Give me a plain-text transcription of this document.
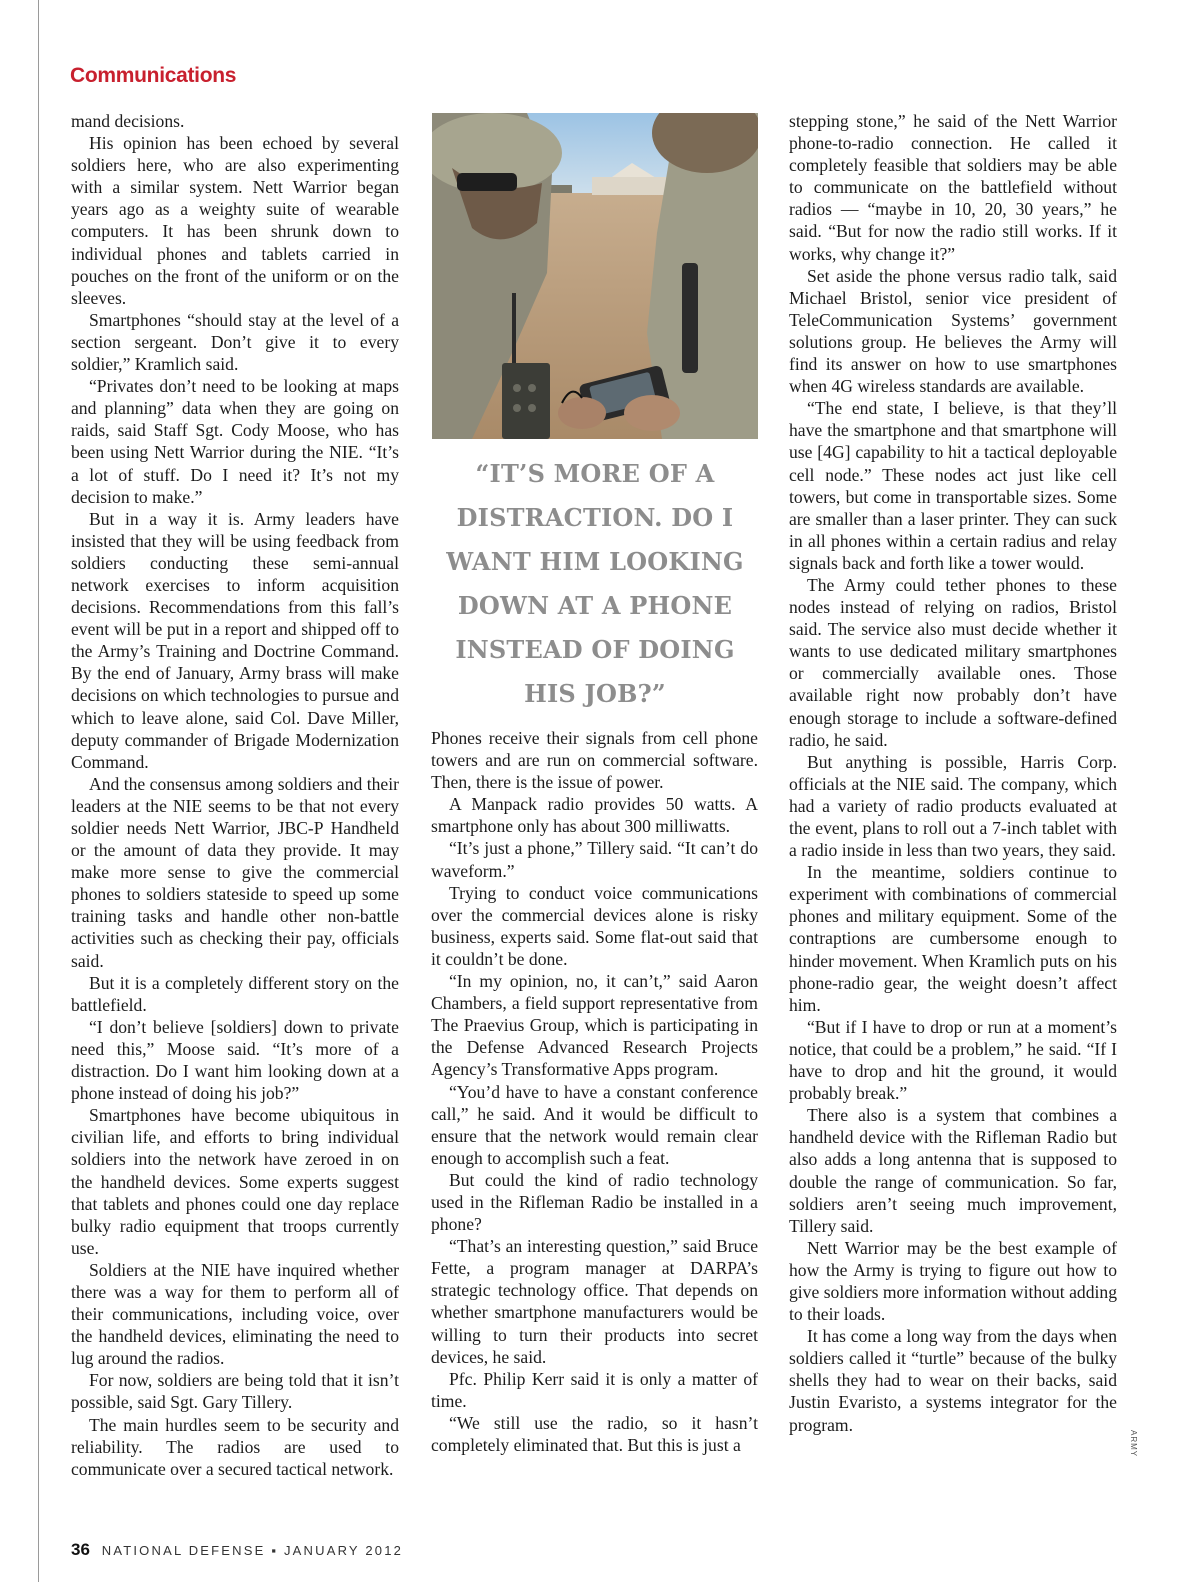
Communications

mand decisions.

His opinion has been echoed by several soldiers here, who are also experimenting with a similar system. Nett Warrior began years ago as a weighty suite of wearable computers. It has been shrunk down to individual phones and tablets carried in pouches on the front of the uniform or on the sleeves.

Smartphones “should stay at the level of a section sergeant. Don’t give it to every soldier,” Kramlich said.

“Privates don’t need to be looking at maps and planning” data when they are going on raids, said Staff Sgt. Cody Moose, who has been using Nett Warrior during the NIE. “It’s a lot of stuff. Do I need it? It’s not my decision to make.”

But in a way it is. Army leaders have insisted that they will be using feedback from soldiers conducting these semi-annual network exercises to inform acquisition decisions. Recommendations from this fall’s event will be put in a report and shipped off to the Army’s Training and Doctrine Command. By the end of January, Army brass will make decisions on which technologies to pursue and which to leave alone, said Col. Dave Miller, deputy commander of Brigade Modernization Command.

And the consensus among soldiers and their leaders at the NIE seems to be that not every soldier needs Nett Warrior, JBC-P Handheld or the amount of data they provide. It may make more sense to give the commercial phones to soldiers stateside to speed up some training tasks and handle other non-battle activities such as checking their pay, officials said.

But it is a completely different story on the battlefield.

“I don’t believe [soldiers] down to private need this,” Moose said. “It’s more of a distraction. Do I want him looking down at a phone instead of doing his job?”

Smartphones have become ubiquitous in civilian life, and efforts to bring individual soldiers into the network have zeroed in on the handheld devices. Some experts suggest that tablets and phones could one day replace bulky radio equipment that troops currently use.

Soldiers at the NIE have inquired whether there was a way for them to perform all of their communications, including voice, over the handheld devices, eliminating the need to lug around the radios.

For now, soldiers are being told that it isn’t possible, said Sgt. Gary Tillery.

The main hurdles seem to be security and reliability. The radios are used to communicate over a secured tactical network.

ARMY
“IT’S MORE OF A DISTRACTION. DO I WANT HIM LOOKING DOWN AT A PHONE INSTEAD OF DOING HIS JOB?”

Phones receive their signals from cell phone towers and are run on commercial software. Then, there is the issue of power.

A Manpack radio provides 50 watts. A smartphone only has about 300 milliwatts.

“It’s just a phone,” Tillery said. “It can’t do waveform.”

Trying to conduct voice communications over the commercial devices alone is risky business, experts said. Some flat-out said that it couldn’t be done.

“In my opinion, no, it can’t,” said Aaron Chambers, a field support representative from The Praevius Group, which is participating in the Defense Advanced Research Projects Agency’s Transformative Apps program.

“You’d have to have a constant conference call,” he said. And it would be difficult to ensure that the network would remain clear enough to accomplish such a feat.

But could the kind of radio technology used in the Rifleman Radio be installed in a phone?

“That’s an interesting question,” said Bruce Fette, a program manager at DARPA’s strategic technology office. That depends on whether smartphone manufacturers would be willing to turn their products into secret devices, he said.

Pfc. Philip Kerr said it is only a matter of time.

“We still use the radio, so it hasn’t completely eliminated that. But this is just a

stepping stone,” he said of the Nett Warrior phone-to-radio connection. He called it completely feasible that soldiers may be able to communicate on the battlefield without radios — “maybe in 10, 20, 30 years,” he said. “But for now the radio still works. If it works, why change it?”

Set aside the phone versus radio talk, said Michael Bristol, senior vice president of TeleCommunication Systems’ government solutions group. He believes the Army will find its answer on how to use smartphones when 4G wireless standards are available.

“The end state, I believe, is that they’ll have the smartphone and that smartphone will use [4G] capability to hit a tactical deployable cell node.” These nodes act just like cell towers, but come in transportable sizes. Some are smaller than a laser printer. They can suck in all phones within a certain radius and relay signals back and forth like a tower would.

The Army could tether phones to these nodes instead of relying on radios, Bristol said. The service also must decide whether it wants to use dedicated military smartphones or commercially available ones. Those available right now probably don’t have enough storage to include a software-defined radio, he said.

But anything is possible, Harris Corp. officials at the NIE said. The company, which had a variety of radio products evaluated at the event, plans to roll out a 7-inch tablet with a radio inside in less than two years, they said.

In the meantime, soldiers continue to experiment with combinations of commercial phones and military equipment. Some of the contraptions are cumbersome enough to hinder movement. When Kramlich puts on his phone-radio gear, the weight doesn’t affect him.

“But if I have to drop or run at a moment’s notice, that could be a problem,” he said. “If I have to drop and hit the ground, it would probably break.”

There also is a system that combines a handheld device with the Rifleman Radio but also adds a long antenna that is supposed to double the range of communication. So far, soldiers aren’t seeing much improvement, Tillery said.

Nett Warrior may be the best example of how the Army is trying to figure out how to give soldiers more information without adding to their loads.

It has come a long way from the days when soldiers called it “turtle” because of the bulky shells they had to wear on their backs, said Justin Evaristo, a systems integrator for the program.

36 NATIONAL DEFENSE ▪ JANUARY 2012
